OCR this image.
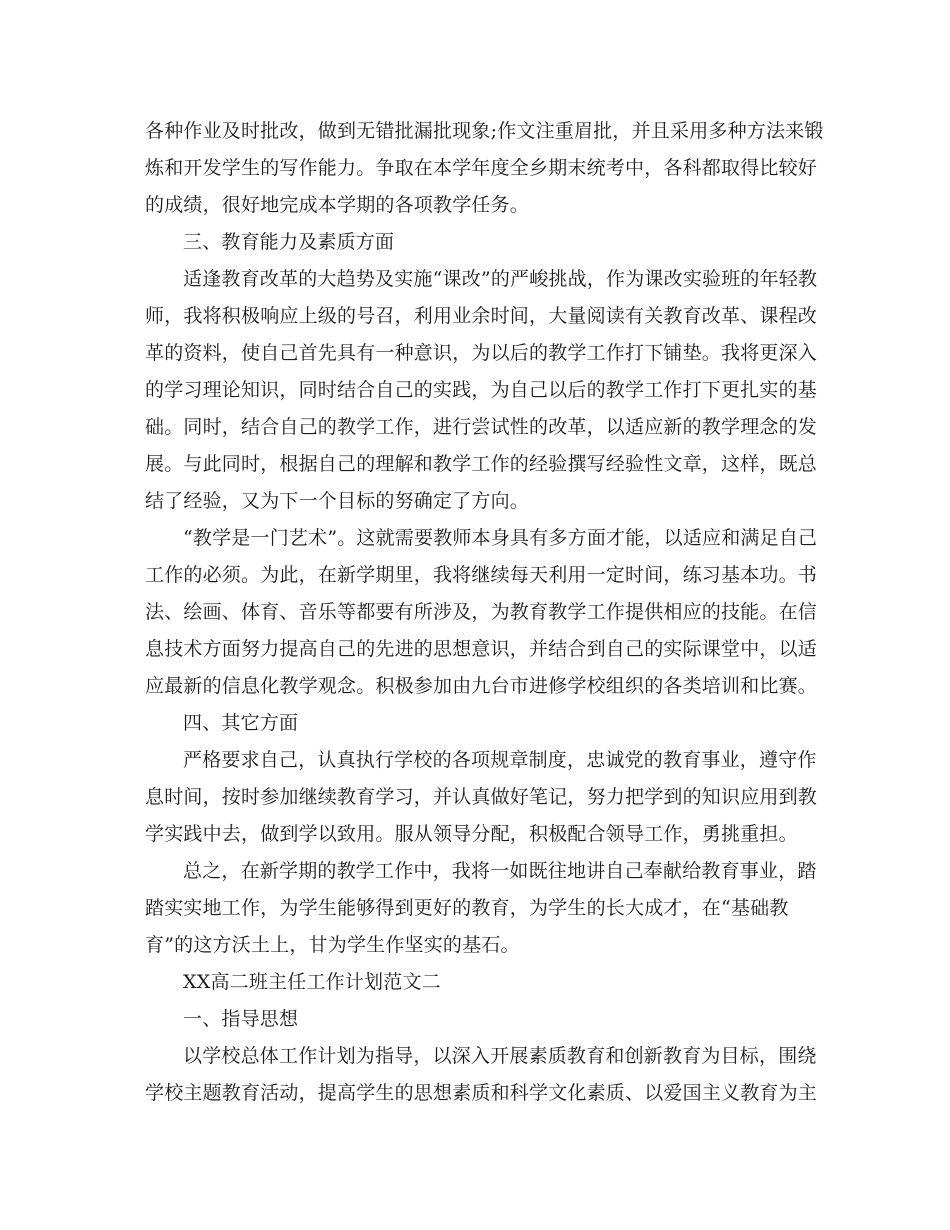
各种作业及时批改，做到无错批漏批现象;作文注重眉批，并且采用多种方法来锻
炼和开发学生的写作能力。争取在本学年度全乡期末统考中，各科都取得比较好
的成绩，很好地完成本学期的各项教学任务。
三、教育能力及素质方面
适逢教育改革的大趋势及实施“课改”的严峻挑战，作为课改实验班的年轻教
师，我将积极响应上级的号召，利用业余时间，大量阅读有关教育改革、课程改
革的资料，使自己首先具有一种意识，为以后的教学工作打下铺垫。我将更深入
的学习理论知识，同时结合自己的实践，为自己以后的教学工作打下更扎实的基
础。同时，结合自己的教学工作，进行尝试性的改革，以适应新的教学理念的发
展。与此同时，根据自己的理解和教学工作的经验撰写经验性文章，这样，既总
结了经验，又为下一个目标的努确定了方向。
“教学是一门艺术”。这就需要教师本身具有多方面才能，以适应和满足自己
工作的必须。为此，在新学期里，我将继续每天利用一定时间，练习基本功。书
法、绘画、体育、音乐等都要有所涉及，为教育教学工作提供相应的技能。在信
息技术方面努力提高自己的先进的思想意识，并结合到自己的实际课堂中，以适
应最新的信息化教学观念。积极参加由九台市进修学校组织的各类培训和比赛。
四、其它方面
严格要求自己，认真执行学校的各项规章制度，忠诚党的教育事业，遵守作
息时间，按时参加继续教育学习，并认真做好笔记，努力把学到的知识应用到教
学实践中去，做到学以致用。服从领导分配，积极配合领导工作，勇挑重担。
总之，在新学期的教学工作中，我将一如既往地讲自己奉献给教育事业，踏
踏实实地工作，为学生能够得到更好的教育，为学生的长大成才，在“基础教
育”的这方沃土上，甘为学生作坚实的基石。
XX高二班主任工作计划范文二
一、指导思想
以学校总体工作计划为指导，以深入开展素质教育和创新教育为目标，围绕
学校主题教育活动，提高学生的思想素质和科学文化素质、以爱国主义教育为主
